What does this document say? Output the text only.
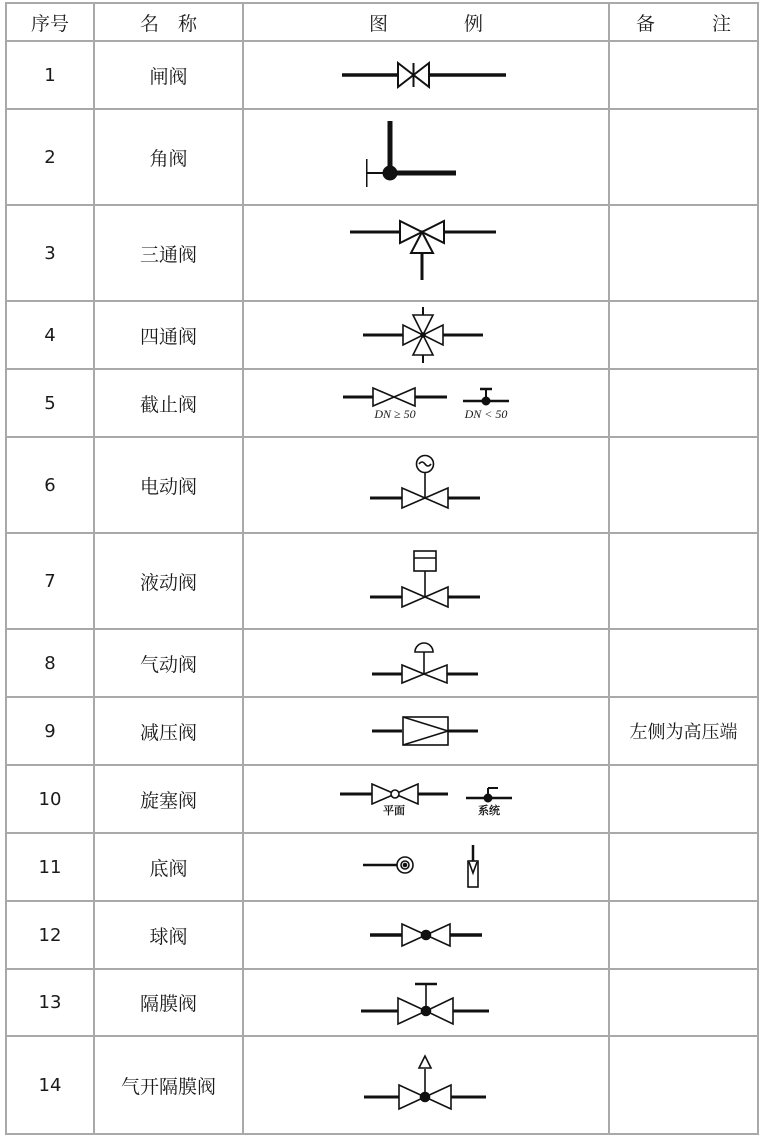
序号	名　称	图　　　　例	备　　　注
1	闸阀	

2	角阀	

3	三通阀	

4	四通阀	

5	截止阀	DN ≥ 50 DN < 50	

6	电动阀	

7	液动阀	

8	气动阀	

9	减压阀		左侧为高压端
10	旋塞阀	平面 系统	

11	底阀	

12	球阀	

13	隔膜阀	

14	气开隔膜阀	
